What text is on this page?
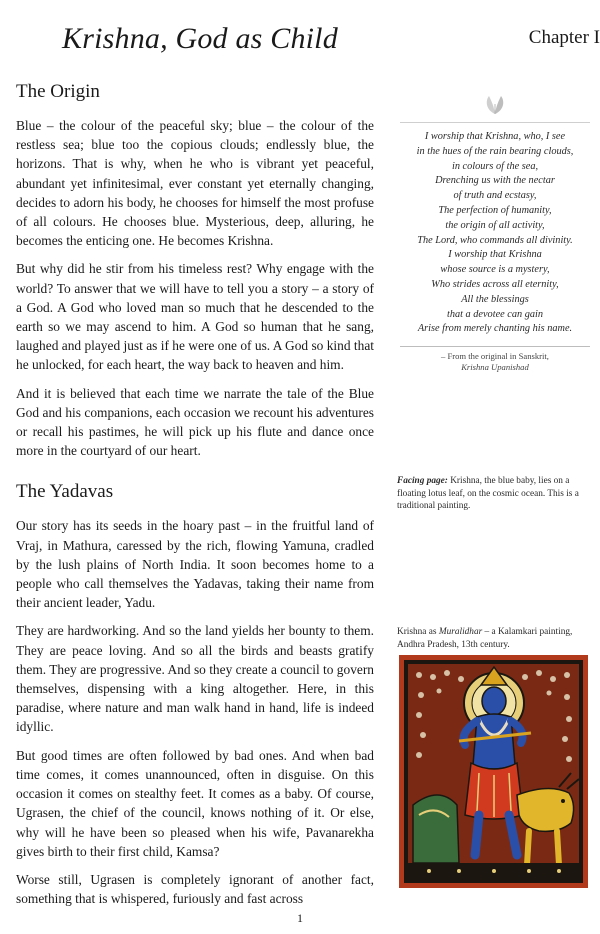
Krishna, God as Child	Chapter I

The Origin

Blue – the colour of the peaceful sky; blue – the colour of the restless sea; blue too the copious clouds; endlessly blue, the horizons. That is why, when he who is vibrant yet peaceful, abundant yet infinitesimal, ever constant yet eternally changing, decides to adorn his body, he chooses for himself the most profuse of all colours. He chooses blue. Mysterious, deep, alluring, he becomes the enticing one. He becomes Krishna.

But why did he stir from his timeless rest? Why engage with the world? To answer that we will have to tell you a story – a story of a God. A God who loved man so much that he descended to the earth so we may ascend to him. A God so human that he sang, laughed and played just as if he were one of us. A God so kind that he unlocked, for each heart, the way back to heaven and him.

And it is believed that each time we narrate the tale of the Blue God and his companions, each occasion we recount his adventures or recall his pastimes, he will pick up his flute and dance once more in the courtyard of our heart.

The Yadavas

Our story has its seeds in the hoary past – in the fruitful land of Vraj, in Mathura, caressed by the rich, flowing Yamuna, cradled by the lush plains of North India. It soon becomes home to a people who call themselves the Yadavas, taking their name from their ancient leader, Yadu.

They are hardworking. And so the land yields her bounty to them. They are peace loving. And so all the birds and beasts gratify them. They are progressive. And so they create a council to govern themselves, dispensing with a king altogether. Here, in this paradise, where nature and man walk hand in hand, life is indeed idyllic.

But good times are often followed by bad ones. And when bad time comes, it comes unannounced, often in disguise. On this occasion it comes on stealthy feet. It comes as a baby. Of course, Ugrasen, the chief of the council, knows nothing of it. Or else, why will he have been so pleased when his wife, Pavanarekha gives birth to their first child, Kamsa?

Worse still, Ugrasen is completely ignorant of another fact, something that is whispered, furiously and fast across

I worship that Krishna, who, I see
in the hues of the rain bearing clouds,
in colours of the sea,
Drenching us with the nectar
of truth and ecstasy,
The perfection of humanity,
the origin of all activity,
The Lord, who commands all divinity.
I worship that Krishna
whose source is a mystery,
Who strides across all eternity,
All the blessings
that a devotee can gain
Arise from merely chanting his name.

– From the original in Sanskrit,
Krishna Upanishad

Facing page: Krishna, the blue baby, lies on a floating lotus leaf, on the cosmic ocean. This is a traditional painting.

Krishna as Muralidhar – a Kalamkari painting, Andhra Pradesh, 13th century.

1
